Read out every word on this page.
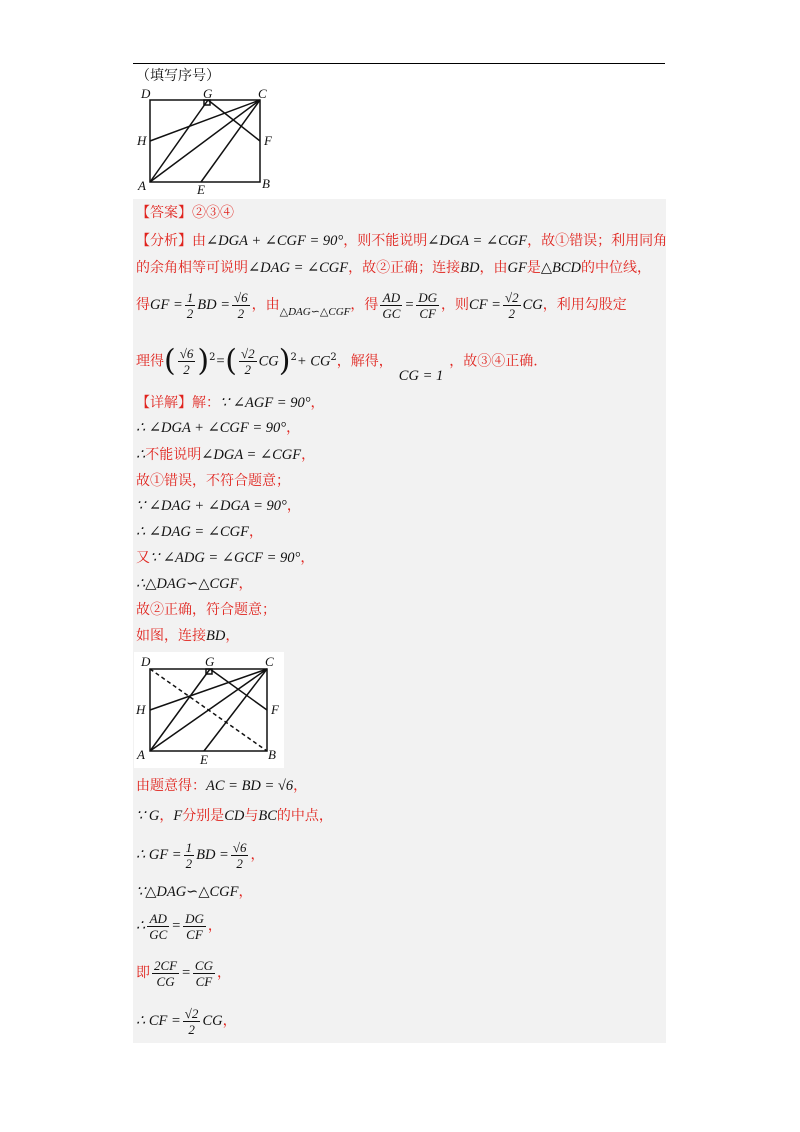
（填写序号）
D	G	C
H	F
A	E	B
【答案】②③④
【分析】由∠DGA + ∠CGF = 90°，则不能说明∠DGA = ∠CGF，故①错误；利用同角
的余角相等可说明∠DAG = ∠CGF，故②正确；连接BD，由GF是△BCD的中位线，
得GF = $\frac{1}{2}$ BD = $\frac{√6}{2}$ ，由$_{\triangle DAG∽\triangle CGF}$，得 $\frac{AD}{GC} = \frac{DG}{CF}$ ，则CF = $\frac{√2}{2}$ CG，利用勾股定
理得( $\frac{√6}{2} )^2=( \frac{√2}{2} CG)^2+ CG^2$，解得，CG = 1，故③④正确.
【详解】解：∵ ∠AGF = 90°，
∴ ∠DGA + ∠CGF = 90°，
∴不能说明∠DGA = ∠CGF，
故①错误，不符合题意；
∵ ∠DAG + ∠DGA = 90°，
∴ ∠DAG = ∠CGF，
又∵ ∠ADG = ∠GCF = 90°，
∴△DAG∽△CGF，
故②正确，符合题意；
如图，连接BD，
D	G	C
H	F
A	E	B
由题意得：AC = BD = √6，
∵ G，F分别是CD与BC的中点，
∴ GF = $\frac{1}{2}$ BD = $\frac{√6}{2}$ ，
∵△DAG∽△CGF，
∴ $\frac{AD}{GC} = \frac{DG}{CF}$ ，
即 $\frac{2CF}{CG} = \frac{CG}{CF}$ ，
∴ CF = $\frac{√2}{2}$ CG，
